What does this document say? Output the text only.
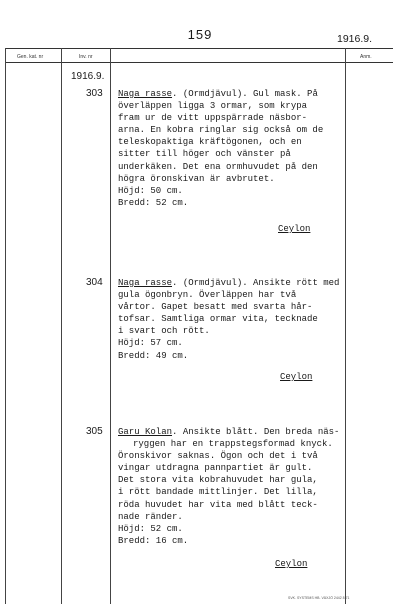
159	1916.9.
Gen. kat. nr	Inv. nr	Anm.
1916.9.
303 Naga rasse. (Ormdjävul). Gul mask. På
överläppen ligga 3 ormar, som krypa
fram ur de vitt uppspärrade näsbor-
arna. En kobra ringlar sig också om de
teleskopaktiga kräftögonen, och en
sitter till höger och vänster på
underkäken. Det ena ormhuvudet på den
högra öronskivan är avbrutet.
Höjd: 50 cm.
Bredd: 52 cm.
Ceylon
304 Naga rasse. (Ormdjävul). Ansikte rött med
gula ögonbryn. Överläppen har två
vårtor. Gapet besatt med svarta hår-
tofsar. Samtliga ormar vita, tecknade
i svart och rött.
Höjd: 57 cm.
Bredd: 49 cm.
Ceylon
305 Garu Kolan. Ansikte blått. Den breda näs-
ryggen har en trappstegsformad knyck.
Öronskivor saknas. Ögon och det i två
vingar utdragna pannpartiet är gult.
Det stora vita kobrahuvudet har gula,
i rött bandade mittlinjer. Det lilla,
röda huvudet har vita med blått teck-
nade ränder.
Höjd: 52 cm.
Bredd: 16 cm.
Ceylon
SVK. SYSTEMS HB. VÄXJÖ 2442 8 71
